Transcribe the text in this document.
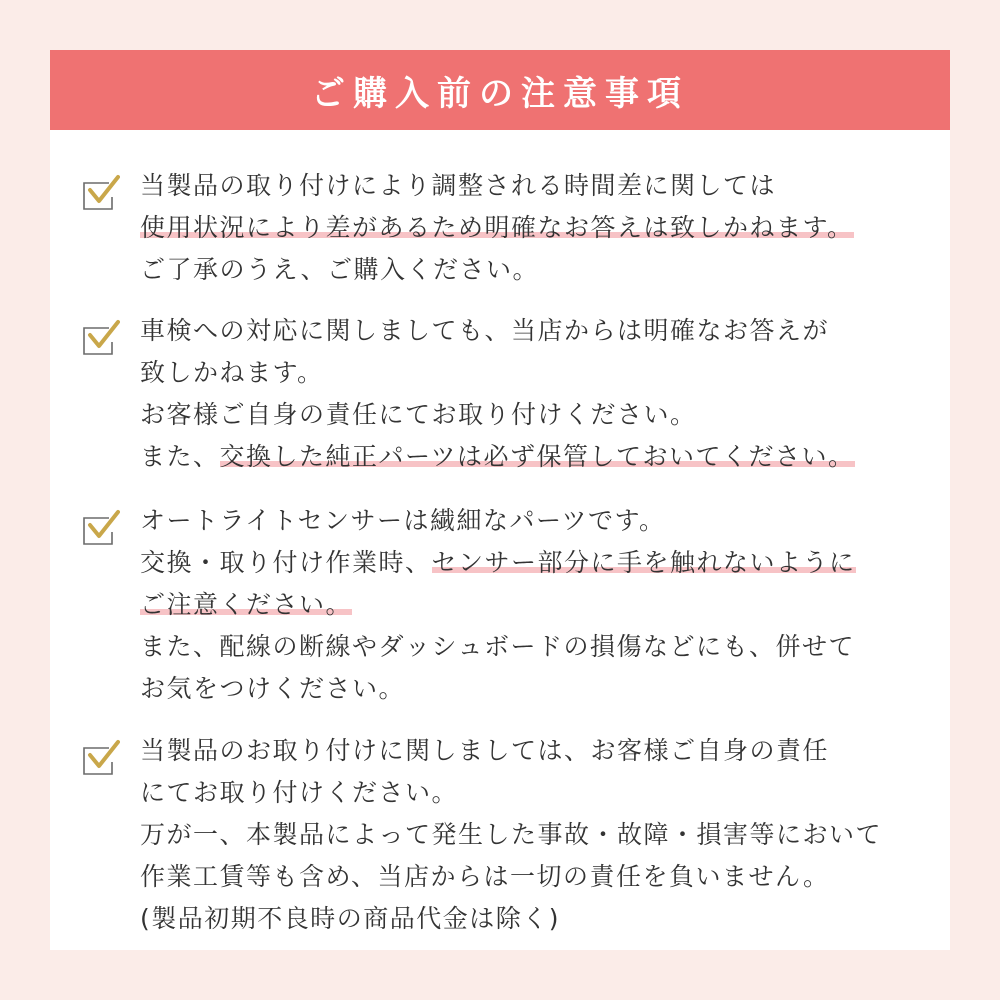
ご購入前の注意事項
当製品の取り付けにより調整される時間差に関しては
使用状況により差があるため明確なお答えは致しかねます。
ご了承のうえ、ご購入ください。
車検への対応に関しましても、当店からは明確なお答えが
致しかねます。
お客様ご自身の責任にてお取り付けください。
また、交換した純正パーツは必ず保管しておいてください。
オートライトセンサーは繊細なパーツです。
交換・取り付け作業時、センサー部分に手を触れないように
ご注意ください。
また、配線の断線やダッシュボードの損傷などにも、併せて
お気をつけください。
当製品のお取り付けに関しましては、お客様ご自身の責任
にてお取り付けください。
万が一、本製品によって発生した事故・故障・損害等において
作業工賃等も含め、当店からは一切の責任を負いません。
(製品初期不良時の商品代金は除く)
